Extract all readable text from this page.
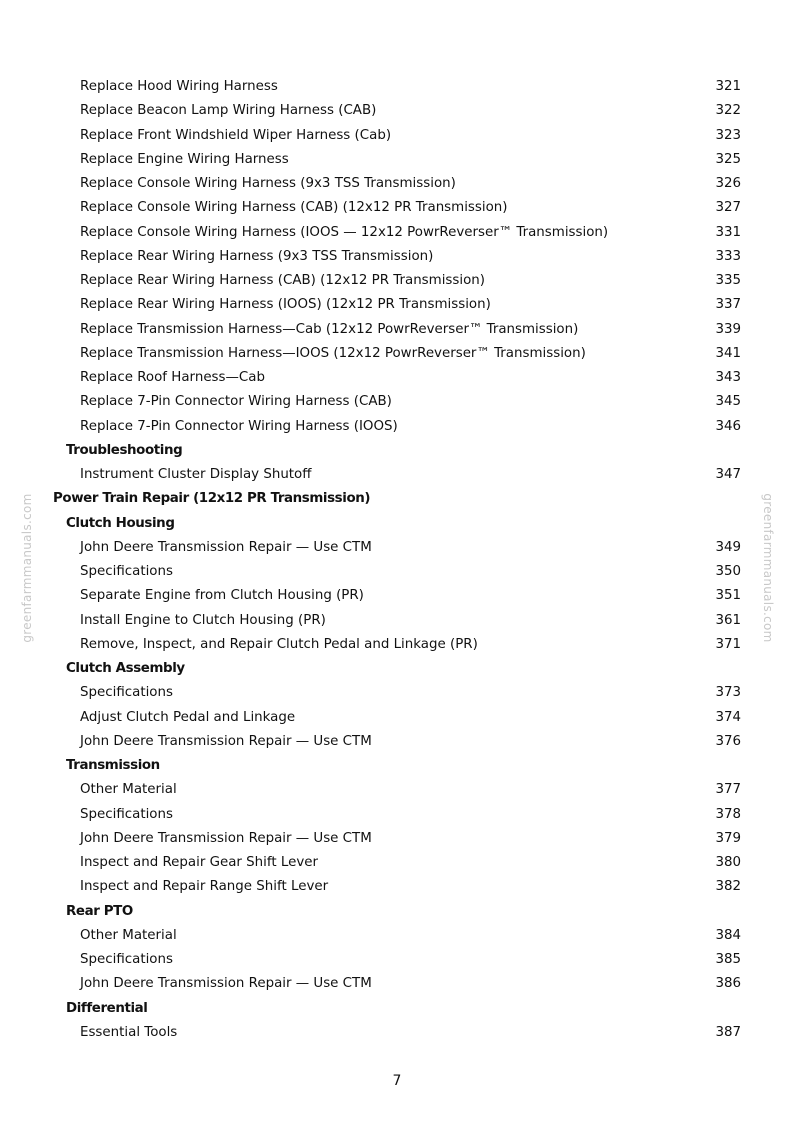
greenfarmmanuals.com	greenfarmmanuals.com
Replace Hood Wiring Harness	321
Replace Beacon Lamp Wiring Harness (CAB)	322
Replace Front Windshield Wiper Harness (Cab)	323
Replace Engine Wiring Harness	325
Replace Console Wiring Harness (9x3 TSS Transmission)	326
Replace Console Wiring Harness (CAB) (12x12 PR Transmission)	327
Replace Console Wiring Harness (IOOS — 12x12 PowrReverser™ Transmission)	331
Replace Rear Wiring Harness (9x3 TSS Transmission)	333
Replace Rear Wiring Harness (CAB) (12x12 PR Transmission)	335
Replace Rear Wiring Harness (IOOS) (12x12 PR Transmission)	337
Replace Transmission Harness—Cab (12x12 PowrReverser™ Transmission)	339
Replace Transmission Harness—IOOS (12x12 PowrReverser™ Transmission)	341
Replace Roof Harness—Cab	343
Replace 7-Pin Connector Wiring Harness (CAB)	345
Replace 7-Pin Connector Wiring Harness (IOOS)	346
Troubleshooting
Instrument Cluster Display Shutoff	347
Power Train Repair (12x12 PR Transmission)
Clutch Housing
John Deere Transmission Repair — Use CTM	349
Specifications	350
Separate Engine from Clutch Housing (PR)	351
Install Engine to Clutch Housing (PR)	361
Remove, Inspect, and Repair Clutch Pedal and Linkage (PR)	371
Clutch Assembly
Specifications	373
Adjust Clutch Pedal and Linkage	374
John Deere Transmission Repair — Use CTM	376
Transmission
Other Material	377
Specifications	378
John Deere Transmission Repair — Use CTM	379
Inspect and Repair Gear Shift Lever	380
Inspect and Repair Range Shift Lever	382
Rear PTO
Other Material	384
Specifications	385
John Deere Transmission Repair — Use CTM	386
Differential
Essential Tools	387
7
